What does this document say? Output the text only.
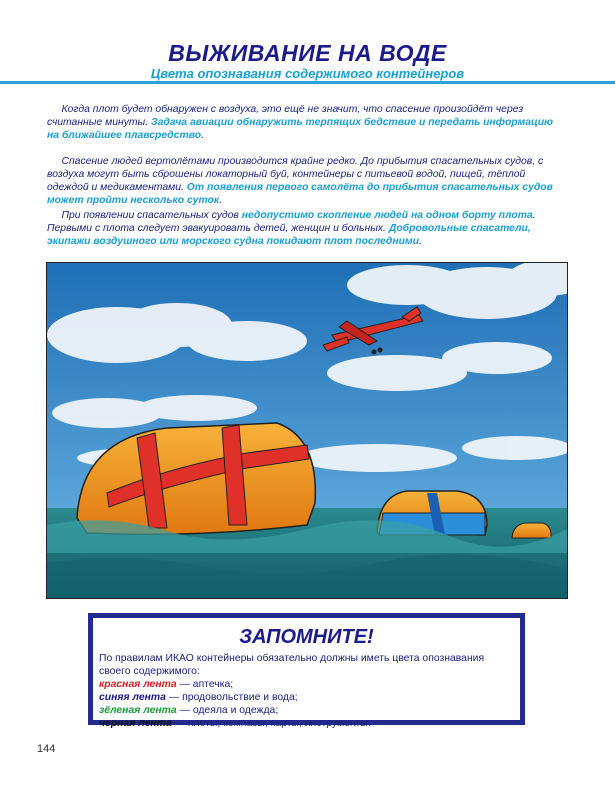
ВЫЖИВАНИЕ НА ВОДЕ
Цвета опознавания содержимого контейнеров

Когда плот будет обнаружен с воздуха, это ещё не значит, что спасение произойдёт через считанные минуты. Задача авиации обнаружить терпящих бедствие и передать информацию на ближайшее плавсредство.

Спасение людей вертолётами производится крайне редко. До прибытия спасательных судов, с воздуха могут быть сброшены локаторный буй, контейнеры с питьевой водой, пищей, тёплой одеждой и медикаментами. От появления первого самолёта до прибытия спасательных судов может пройти несколько суток.

При появлении спасательных судов недопустимо скопление людей на одном борту плота. Первыми с плота следует эвакуировать детей, женщин и больных. Добровольные спасатели, экипажи воздушного или морского судна покидают плот последними.

ЗАПОМНИТЕ!
По правилам ИКАО контейнеры обязательно должны иметь цвета опознавания своего содержимого:
красная лента — аптечка;
синяя лента — продовольствие и вода;
зёленая лента — одеяла и одежда;
черная лента — плоты, компасы, карты, инструменты.
144
